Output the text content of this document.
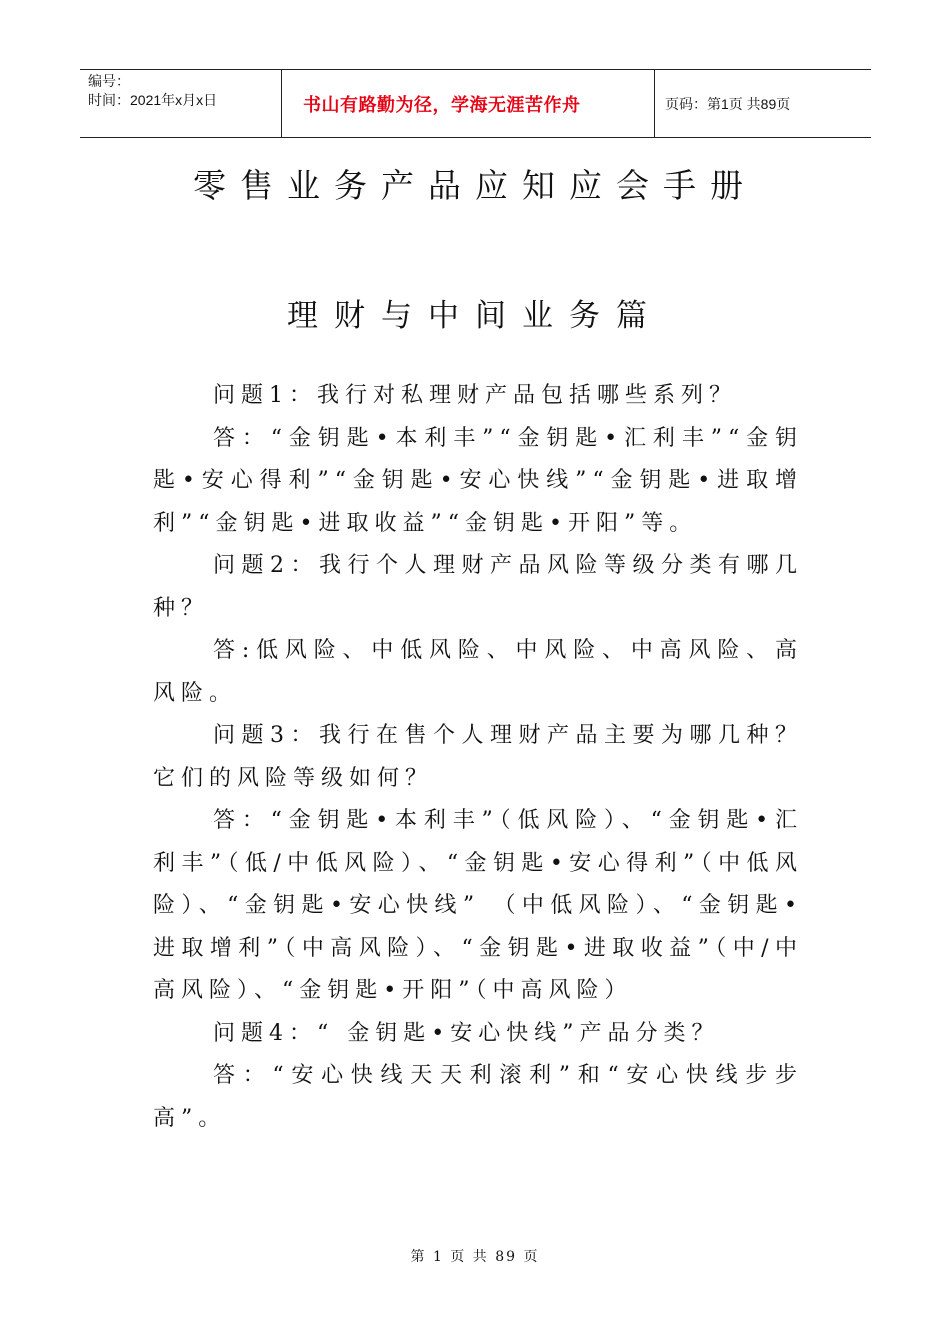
编号：
时间：2021年x月x日	书山有路勤为径，学海无涯苦作舟	页码：第1页 共89页
零售业务产品应知应会手册
理财与中间业务篇

问题1：我行对私理财产品包括哪些系列？

答：“金钥匙•本利丰”“金钥匙•汇利丰”“金钥匙•安心得利”“金钥匙•安心快线”“金钥匙•进取增利”“金钥匙•进取收益”“金钥匙•开阳”等。

问题2：我行个人理财产品风险等级分类有哪几种？

答:低风险、中低风险、中风险、中高风险、高风险。

问题3：我行在售个人理财产品主要为哪几种？它们的风险等级如何？

答：“金钥匙•本利丰”（低风险）、“金钥匙•汇利丰”（低/中低风险）、“金钥匙•安心得利”（中低风险）、“金钥匙•安心快线” （中低风险）、“金钥匙•进取增利”（中高风险）、“金钥匙•进取收益”（中/中高风险）、“金钥匙•开阳”（中高风险）

问题4：“ 金钥匙•安心快线”产品分类？

答：“安心快线天天利滚利”和“安心快线步步高”。

第 1 页 共 89 页
